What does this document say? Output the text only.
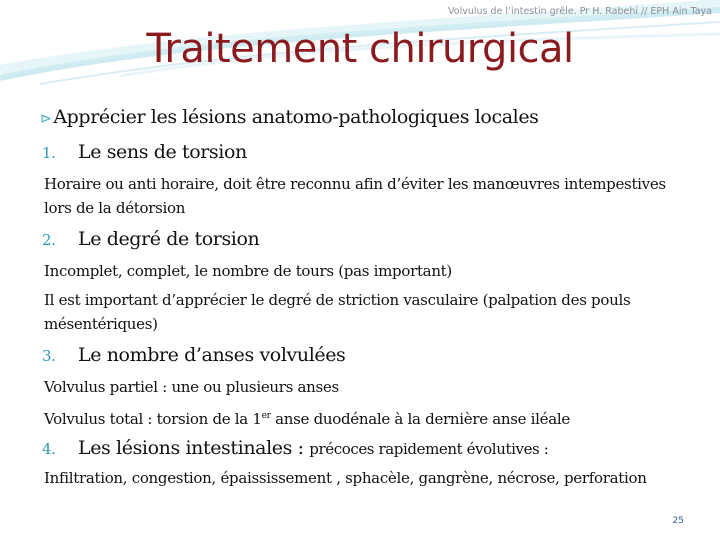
Volvulus de l’intestin grêle. Pr H. Rabehi // EPH Ain Taya
Traitement chirurgical
⊳ Apprécier les lésions anatomo-pathologiques locales
1. Le sens de torsion
Horaire ou anti horaire, doit être reconnu afin d’éviter les manœuvres intempestives lors de la détorsion
2. Le degré de torsion
Incomplet, complet, le nombre de tours (pas important)
Il est important d’apprécier le degré de striction vasculaire (palpation des pouls mésentériques)
3. Le nombre d’anses volvulées
Volvulus partiel : une ou plusieurs anses
Volvulus total : torsion de la 1er anse duodénale à la dernière anse iléale
4. Les lésions intestinales : précoces rapidement évolutives :
Infiltration, congestion, épaississement , sphacèle, gangrène, nécrose, perforation
25
